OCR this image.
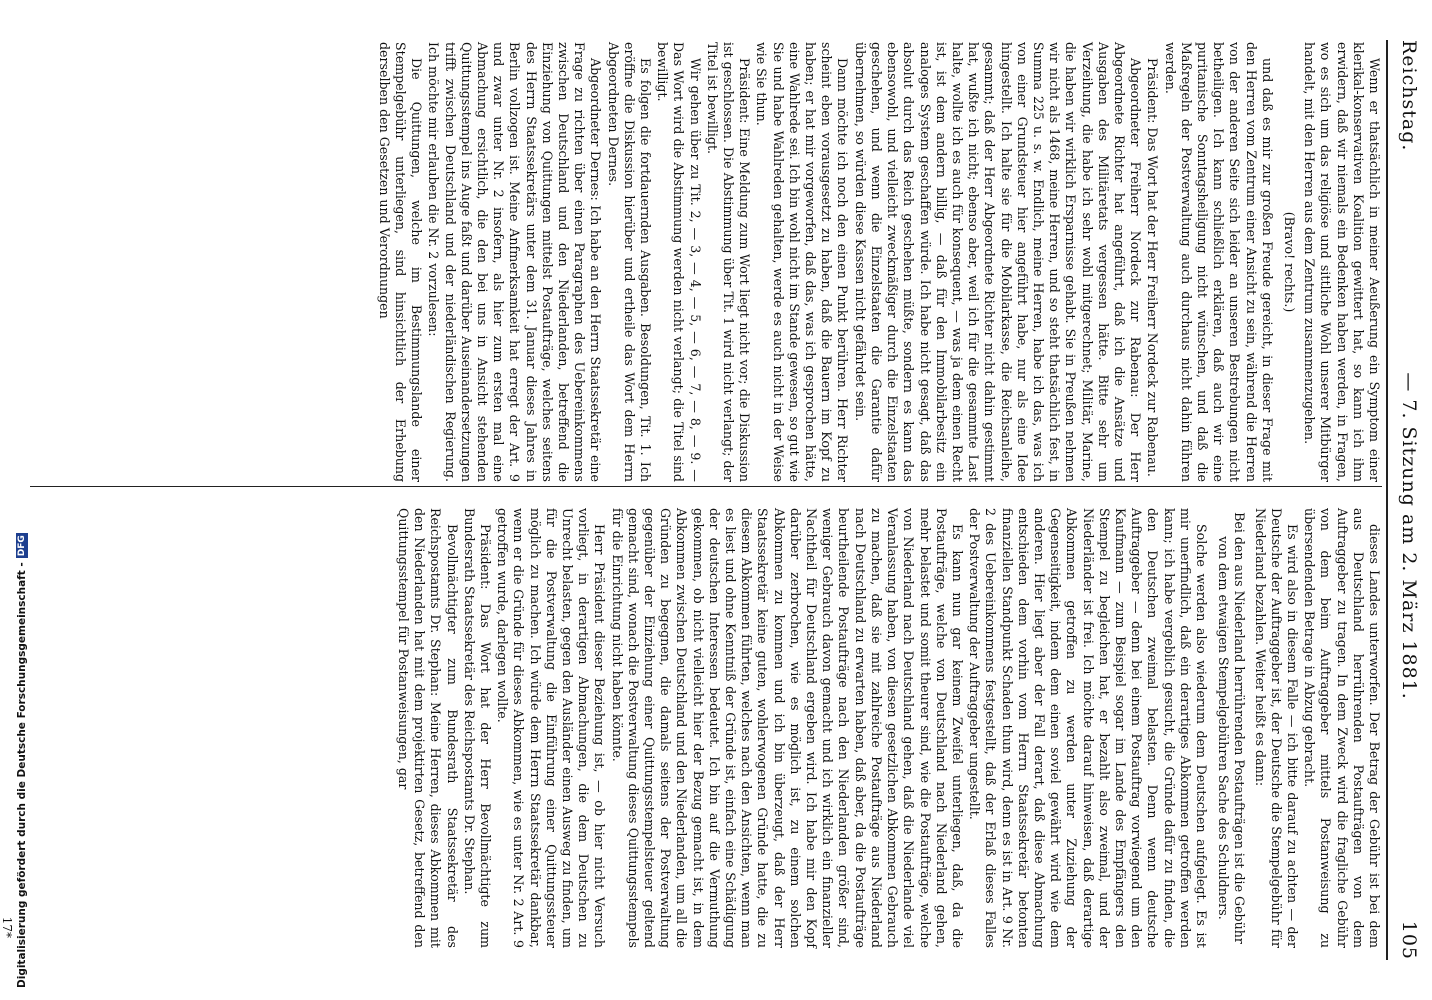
Reichstag.
— 7. Sitzung am 2. März 1881.
105

Wenn er thatsächlich in meiner Aeußerung ein Symptom einer klerikal-konservativen Koalition gewittert hat, so kann ich ihm erwidern, daß wir niemals ein Bedenken haben werden, in Fragen, wo es sich um das religiöse und sittliche Wohl unserer Mitbürger handelt, mit den Herren aus dem Zentrum zusammenzugehen.

(Bravo! rechts.)

und daß es mir zur großen Freude gereicht, in dieser Frage mit den Herren vom Zentrum einer Ansicht zu sein, während die Herren von der anderen Seite sich leider an unseren Bestrebungen nicht betheiligen. Ich kann schließlich erklären, daß auch wir eine puritanische Sonntagsheiligung nicht wünschen, und daß die Maßregeln der Postverwaltung auch durchaus nicht dahin führen werden.

Präsident: Das Wort hat der Herr Freiherr Nordeck zur Rabenau.

Abgeordneter Freiherr Nordeck zur Rabenau: Der Herr Abgeordnete Richter hat angeführt, daß ich die Ansätze und Ausgaben des Militäretats vergessen hätte. Bitte sehr um Verzeihung, die habe ich sehr wohl mitgerechnet; Militär, Marine, die haben wir wirklich Ersparnisse gehabt. Sie in Preußen nehmen wir nicht als 1468, meine Herren, und so steht thatsächlich fest, in Summa 225 u. s. w. Endlich, meine Herren, habe ich das, was ich von einer Grundsteuer hier angeführt habe, nur als eine Idee hingestellt. Ich halte sie für die Mobilarkasse, die Reichsanleihe, gesammt; daß der Herr Abgeordnete Richter nicht dahin gestimmt hat, wußte ich nicht; ebenso aber, weil ich für die gesammte Last halte, wollte ich es auch für konsequent, — was ja dem einen Recht ist, ist dem andern billig, — daß für den Immobilarbesitz ein analoges System geschaffen würde. Ich habe nicht gesagt, daß das absolut durch das Reich geschehen müßte, sondern es kann das ebensowohl, und vielleicht zweckmäßiger durch die Einzelstaaten geschehen, und wenn die Einzelstaaten die Garantie dafür übernehmen, so würden diese Kassen nicht gefährdet sein.

Dann möchte ich noch den einen Punkt berühren. Herr Richter scheint eben vorausgesetzt zu haben, daß die Bauern im Kopf zu haben; er hat mir vorgeworfen, daß das, was ich gesprochen hätte, eine Wahlrede sei. Ich bin wohl nicht im Stande gewesen, so gut wie Sie und habe Wahlreden gehalten, werde es auch nicht in der Weise wie Sie thun.

Präsident: Eine Meldung zum Wort liegt nicht vor; die Diskussion ist geschlossen. Die Abstimmung über Tit. 1 wird nicht verlangt; der Titel ist bewilligt.

Wir gehen über zu Tit. 2, — 3, — 4, — 5, — 6, — 7, — 8, — 9. — Das Wort wird die Abstimmung werden nicht verlangt; die Titel sind bewilligt.

Es folgen die fortdauernden Ausgaben. Besoldungen, Tit. 1. Ich eröffne die Diskussion hierüber und ertheile das Wort dem Herrn Abgeordneten Dernes.

Abgeordneter Dernes: Ich habe an den Herrn Staatssekretär eine Frage zu richten über einen Paragraphen des Uebereinkommens zwischen Deutschland und den Niederlanden, betreffend die Einziehung von Quittungen mittelst Postaufträge, welches seitens des Herrn Staatssekretärs unter dem 31. Januar dieses Jahres in Berlin vollzogen ist. Meine Anfmerksamkeit hat erregt der Art. 9 und zwar unter Nr. 2 insofern, als hier zum ersten mal eine Abmachung ersichtlich, die den bei uns in Ansicht stehenden Quittungsstempel ins Auge faßt und darüber Auseinandersetzungen trifft zwischen Deutschland und der niederländischen Regierung. Ich möchte mir erlauben die Nr. 2 vorzulesen:

Die Quittungen, welche im Bestimmungslande einer Stempelgebühr unterliegen, sind hinsichtlich der Erhebung derselben den Gesetzen und Verordnungen

dieses Landes unterworfen. Der Betrag der Gebühr ist bei dem aus Deutschland herrührenden Postaufträgen von dem Auftraggeber zu tragen. In dem Zweck wird die fragliche Gebühr von dem beim Auftraggeber mittels Postanweisung zu übersendenden Betrage in Abzug gebracht.

Es wird also in diesem Falle — ich bitte darauf zu achten — der Deutsche der Auftraggeber ist, der Deutsche die Stempelgebühr für Niederland bezahlen. Weiter heißt es dann:

Bei den aus Niederland herrührenden Postaufträgen ist die Gebühr von dem etwaigen Stempelgebühren Sache des Schuldners.

Solche werden also wiederum dem Deutschen aufgelegt. Es ist mir unerfindlich, daß ein derartiges Abkommen getroffen werden kann; ich habe vergeblich gesucht, die Gründe dafür zu finden, die den Deutschen zweimal belasten. Denn wenn deutsche Auftraggeber — denn bei einem Postauftrag vorwiegend um den Kaufmann — zum Beispiel sogar im Lande des Empfängers den Stempel zu begleichen hat, er bezahlt also zweimal, und der Niederländer ist frei. Ich möchte darauf hinweisen, daß derartige Abkommen getroffen zu werden unter Zuziehung der Gegenseitigkeit, indem dem einen soviel gewährt wird wie dem anderen. Hier liegt aber der Fall derart, daß diese Abmachung entschieden dem vorhin vom Herrn Staatssekretär betonten finanziellen Standpunkt Schaden thun wird, denn es ist in Art. 9 Nr. 2 des Uebereinkommens festgestellt, daß der Erlaß dieses Falles der Postverwaltung der Auftraggeber ungestellt.

Es kann nun gar keinem Zweifel unterliegen, daß, da die Postaufträge, welche von Deutschland nach Niederland gehen, mehr belastet und somit theurer sind, wie die Postaufträge, welche von Niederland nach Deutschland gehen, daß die Niederlande viel Veranlassung haben, von diesen gesetzlichen Abkommen Gebrauch zu machen, daß sie mit zahlreiche Postaufträge aus Niederland nach Deutschland zu erwarten haben, daß aber, da die Postaufträge beurtheilende Postaufträge nach den Niederlanden größer sind, weniger Gebrauch davon gemacht und ich wirklich ein finanzieller Nachtheil für Deutschland ergeben wird. Ich habe mir den Kopf darüber zerbrochen, wie es möglich ist, zu einem solchen Abkommen zu kommen und ich bin überzeugt, daß der Herr Staatssekretär keine guten, wohlerwogenen Gründe hatte, die zu diesem Abkommen führten, welches nach den Ansichten, wenn man es liest und ohne Kenntniß der Gründe ist, einfach eine Schädigung der deutschen Interessen bedeutet. Ich bin auf die Vermuthung gekommen, ob nicht vielleicht hier der Bezug gemacht ist, in dem Abkommen zwischen Deutschland und den Niederlanden, um all die Gründen zu begegnen, die damals seitens der Postverwaltung gegenüber der Einziehung einer Quittungsstempelsteuer geltend gemacht sind, wonach die Postverwaltung dieses Quittungsstempels für die Einrichtung nicht haben könnte.

Herr Präsident dieser Beziehung ist, — ob hier nicht Versuch vorliegt, in derartigen Abmachungen, die dem Deutschen zu Unrecht belasten, gegen den Ausländer einen Ausweg zu finden, um für die Postverwaltung die Einführung einer Quittungssteuer möglich zu machen. Ich würde dem Herrn Staatssekretär dankbar, wenn er die Gründe für dieses Abkommen, wie es unter Nr. 2 Art. 9 getroffen wurde, darlegen wollte.

Präsident: Das Wort hat der Herr Bevollmächtigte zum Bundesrath Staatssekretär des Reichspostamts Dr. Stephan.

Bevollmächtigter zum Bundesrath Staatssekretär des Reichspostamts Dr. Stephan: Meine Herren, dieses Abkommen mit den Niederlanden hat mit dem projektirten Gesetz, betreffend den Quittungsstempel für Postanweisungen, gar

17* Digitalisierung gefördert durch die Deutsche Forschungsgemeinschaft -
DFG
